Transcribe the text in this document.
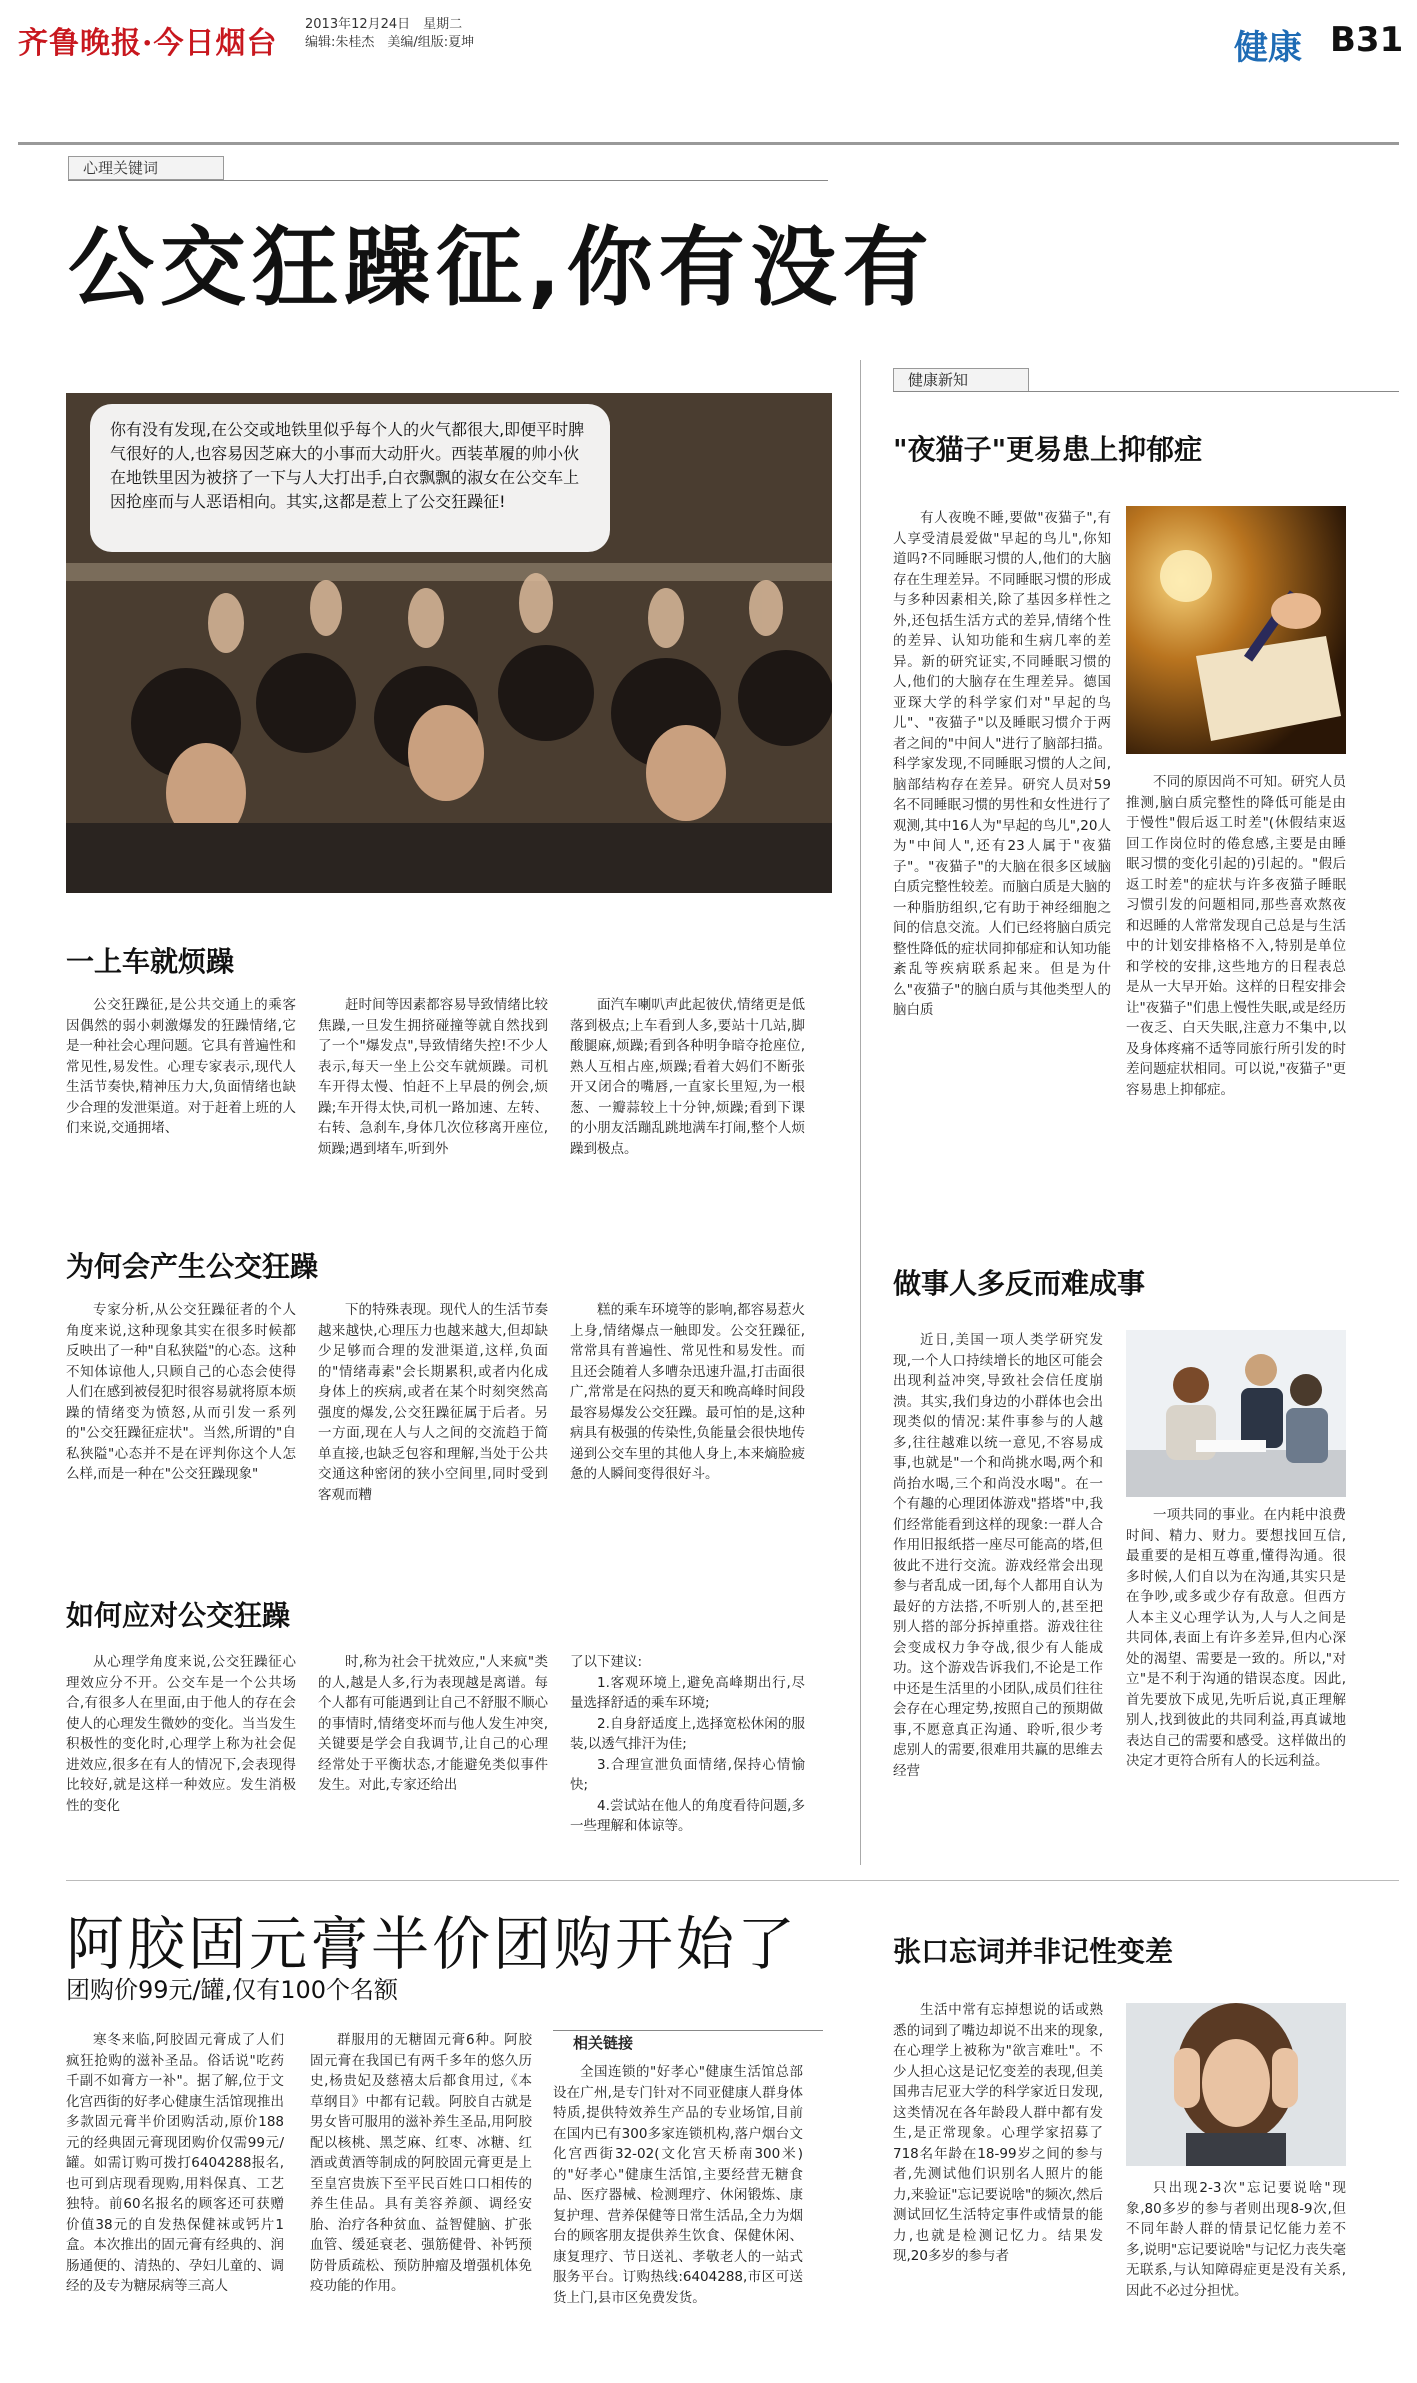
齐鲁晚报·今日烟台
2013年12月24日　星期二
编辑:朱桂杰　美编/组版:夏坤	健康 B31
心理关键词
公交狂躁征,你有没有
你有没有发现,在公交或地铁里似乎每个人的火气都很大,即便平时脾气很好的人,也容易因芝麻大的小事而大动肝火。西装革履的帅小伙在地铁里因为被挤了一下与人大打出手,白衣飘飘的淑女在公交车上因抢座而与人恶语相向。其实,这都是惹上了公交狂躁征!
一上车就烦躁
公交狂躁征,是公共交通上的乘客因偶然的弱小刺激爆发的狂躁情绪,它是一种社会心理问题。它具有普遍性和常见性,易发性。心理专家表示,现代人生活节奏快,精神压力大,负面情绪也缺少合理的发泄渠道。对于赶着上班的人们来说,交通拥堵、
赶时间等因素都容易导致情绪比较焦躁,一旦发生拥挤碰撞等就自然找到了一个"爆发点",导致情绪失控!不少人表示,每天一坐上公交车就烦躁。司机车开得太慢、怕赶不上早晨的例会,烦躁;车开得太快,司机一路加速、左转、右转、急刹车,身体几次位移离开座位,烦躁;遇到堵车,听到外
面汽车喇叭声此起彼伏,情绪更是低落到极点;上车看到人多,要站十几站,脚酸腿麻,烦躁;看到各种明争暗夺抢座位,熟人互相占座,烦躁;看着大妈们不断张开又闭合的嘴唇,一直家长里短,为一根葱、一瓣蒜较上十分钟,烦躁;看到下课的小朋友活蹦乱跳地满车打闹,整个人烦躁到极点。
为何会产生公交狂躁
专家分析,从公交狂躁征者的个人角度来说,这种现象其实在很多时候都反映出了一种"自私狭隘"的心态。这种不知体谅他人,只顾自己的心态会使得人们在感到被侵犯时很容易就将原本烦躁的情绪变为愤怒,从而引发一系列的"公交狂躁征症状"。当然,所谓的"自私狭隘"心态并不是在评判你这个人怎么样,而是一种在"公交狂躁现象"
下的特殊表现。现代人的生活节奏越来越快,心理压力也越来越大,但却缺少足够而合理的发泄渠道,这样,负面的"情绪毒素"会长期累积,或者内化成身体上的疾病,或者在某个时刻突然高强度的爆发,公交狂躁征属于后者。另一方面,现在人与人之间的交流趋于简单直接,也缺乏包容和理解,当处于公共交通这种密闭的狭小空间里,同时受到客观而糟
糕的乘车环境等的影响,都容易惹火上身,情绪爆点一触即发。公交狂躁征,常常具有普遍性、常见性和易发性。而且还会随着人多嘈杂迅速升温,打击面很广,常常是在闷热的夏天和晚高峰时间段最容易爆发公交狂躁。最可怕的是,这种病具有极强的传染性,负能量会很快地传递到公交车里的其他人身上,本来熵脸疲惫的人瞬间变得很好斗。
如何应对公交狂躁
从心理学角度来说,公交狂躁征心理效应分不开。公交车是一个公共场合,有很多人在里面,由于他人的存在会使人的心理发生微妙的变化。当当发生积极性的变化时,心理学上称为社会促进效应,很多在有人的情况下,会表现得比较好,就是这样一种效应。发生消极性的变化
时,称为社会干扰效应,"人来疯"类的人,越是人多,行为表现越是离谱。每个人都有可能遇到让自己不舒服不顺心的事情时,情绪变坏而与他人发生冲突,关键要是学会自我调节,让自己的心理经常处于平衡状态,才能避免类似事件发生。对此,专家还给出
了以下建议:
1.客观环境上,避免高峰期出行,尽量选择舒适的乘车环境;
2.自身舒适度上,选择宽松休闲的服装,以透气排汗为佳;
3.合理宣泄负面情绪,保持心情愉快;
4.尝试站在他人的角度看待问题,多一些理解和体谅等。
健康新知
"夜猫子"更易患上抑郁症
有人夜晚不睡,要做"夜猫子",有人享受清晨爱做"早起的鸟儿",你知道吗?不同睡眠习惯的人,他们的大脑存在生理差异。不同睡眠习惯的形成与多种因素相关,除了基因多样性之外,还包括生活方式的差异,情绪个性的差异、认知功能和生病几率的差异。新的研究证实,不同睡眠习惯的人,他们的大脑存在生理差异。德国亚琛大学的科学家们对"早起的鸟儿"、"夜猫子"以及睡眠习惯介于两者之间的"中间人"进行了脑部扫描。科学家发现,不同睡眠习惯的人之间,脑部结构存在差异。研究人员对59名不同睡眠习惯的男性和女性进行了观测,其中16人为"早起的鸟儿",20人为"中间人",还有23人属于"夜猫子"。"夜猫子"的大脑在很多区域脑白质完整性较差。而脑白质是大脑的一种脂肪组织,它有助于神经细胞之间的信息交流。人们已经将脑白质完整性降低的症状同抑郁症和认知功能紊乱等疾病联系起来。但是为什么"夜猫子"的脑白质与其他类型人的脑白质
不同的原因尚不可知。研究人员推测,脑白质完整性的降低可能是由于慢性"假后返工时差"(休假结束返回工作岗位时的倦怠感,主要是由睡眠习惯的变化引起的)引起的。"假后返工时差"的症状与许多夜猫子睡眠习惯引发的问题相同,那些喜欢熬夜和迟睡的人常常发现自己总是与生活中的计划安排格格不入,特别是单位和学校的安排,这些地方的日程表总是从一大早开始。这样的日程安排会让"夜猫子"们患上慢性失眠,或是经历一夜乏、白天失眠,注意力不集中,以及身体疼痛不适等同旅行所引发的时差问题症状相同。可以说,"夜猫子"更容易患上抑郁症。
做事人多反而难成事
近日,美国一项人类学研究发现,一个人口持续增长的地区可能会出现利益冲突,导致社会信任度崩溃。其实,我们身边的小群体也会出现类似的情况:某件事参与的人越多,往往越难以统一意见,不容易成事,也就是"一个和尚挑水喝,两个和尚抬水喝,三个和尚没水喝"。在一个有趣的心理团体游戏"搭塔"中,我们经常能看到这样的现象:一群人合作用旧报纸搭一座尽可能高的塔,但彼此不进行交流。游戏经常会出现参与者乱成一团,每个人都用自认为最好的方法搭,不听别人的,甚至把别人搭的部分拆掉重搭。游戏往往会变成权力争夺战,很少有人能成功。这个游戏告诉我们,不论是工作中还是生活里的小团队,成员们往往会存在心理定势,按照自己的预期做事,不愿意真正沟通、聆听,很少考虑别人的需要,很难用共赢的思维去经营
一项共同的事业。在内耗中浪费时间、精力、财力。要想找回互信,最重要的是相互尊重,懂得沟通。很多时候,人们自以为在沟通,其实只是在争吵,或多或少存有敌意。但西方人本主义心理学认为,人与人之间是共同体,表面上有许多差异,但内心深处的渴望、需要是一致的。所以,"对立"是不利于沟通的错误态度。因此,首先要放下成见,先听后说,真正理解别人,找到彼此的共同利益,再真诚地表达自己的需要和感受。这样做出的决定才更符合所有人的长远利益。
阿胶固元膏半价团购开始了
团购价99元/罐,仅有100个名额
寒冬来临,阿胶固元膏成了人们疯狂抢购的滋补圣品。俗话说"吃药千副不如膏方一补"。据了解,位于文化宫西街的好孝心健康生活馆现推出多款固元膏半价团购活动,原价188元的经典固元膏现团购价仅需99元/罐。如需订购可拨打6404288报名,也可到店现看现购,用料保真、工艺独特。前60名报名的顾客还可获赠价值38元的自发热保健袜或钙片1盒。本次推出的固元膏有经典的、润肠通便的、清热的、孕妇儿童的、调经的及专为糖尿病等三高人
群服用的无糖固元膏6种。阿胶固元膏在我国已有两千多年的悠久历史,杨贵妃及慈禧太后都食用过,《本草纲目》中都有记载。阿胶自古就是男女皆可服用的滋补养生圣品,用阿胶配以核桃、黑芝麻、红枣、冰糖、红酒或黄酒等制成的阿胶固元膏更是上至皇宫贵族下至平民百姓口口相传的养生佳品。具有美容养颜、调经安胎、治疗各种贫血、益智健脑、扩张血管、缓延衰老、强筋健骨、补钙预防骨质疏松、预防肿瘤及增强机体免疫功能的作用。
相关链接
全国连锁的"好孝心"健康生活馆总部设在广州,是专门针对不同亚健康人群身体特质,提供特效养生产品的专业场馆,目前在国内已有300多家连锁机构,落户烟台文化宫西街32-02(文化宫天桥南300米)的"好孝心"健康生活馆,主要经营无糖食品、医疗器械、检测理疗、休闲锻炼、康复护理、营养保健等日常生活品,全力为烟台的顾客朋友提供养生饮食、保健休闲、康复理疗、节日送礼、孝敬老人的一站式服务平台。订购热线:6404288,市区可送货上门,县市区免费发货。
张口忘词并非记性变差
生活中常有忘掉想说的话或熟悉的词到了嘴边却说不出来的现象,在心理学上被称为"欲言难吐"。不少人担心这是记忆变差的表现,但美国弗吉尼亚大学的科学家近日发现,这类情况在各年龄段人群中都有发生,是正常现象。心理学家招募了718名年龄在18-99岁之间的参与者,先测试他们识别名人照片的能力,来验证"忘记要说啥"的频次,然后测试回忆生活特定事件或情景的能力,也就是检测记忆力。结果发现,20多岁的参与者
只出现2-3次"忘记要说啥"现象,80多岁的参与者则出现8-9次,但不同年龄人群的情景记忆能力差不多,说明"忘记要说啥"与记忆力丧失毫无联系,与认知障碍症更是没有关系,因此不必过分担忧。
